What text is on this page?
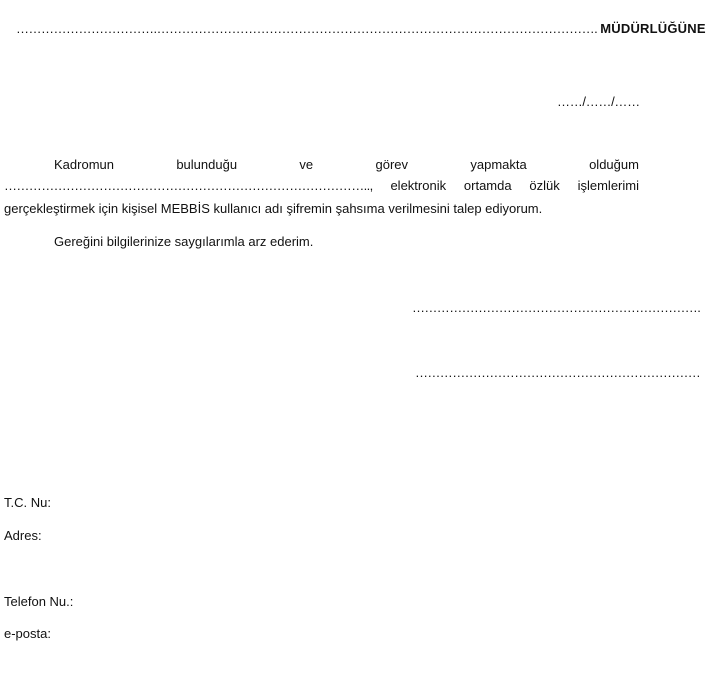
…………………………….……………………………………………………………………………………………. MÜDÜRLÜĞÜNE
……/……/……
Kadromun	bulunduğu	ve	görev	yapmakta	olduğum
…………………………………………………………………………….., elektronik ortamda özlük işlemlerimi
gerçekleştirmek için kişisel MEBBİS kullanıcı adı şifremin şahsıma verilmesini talep ediyorum.
Gereğini bilgilerinize saygılarımla arz ederim.
…………………………………………………………….
……………………………………………………………
T.C. Nu:
Adres:
Telefon Nu.:
e-posta:
